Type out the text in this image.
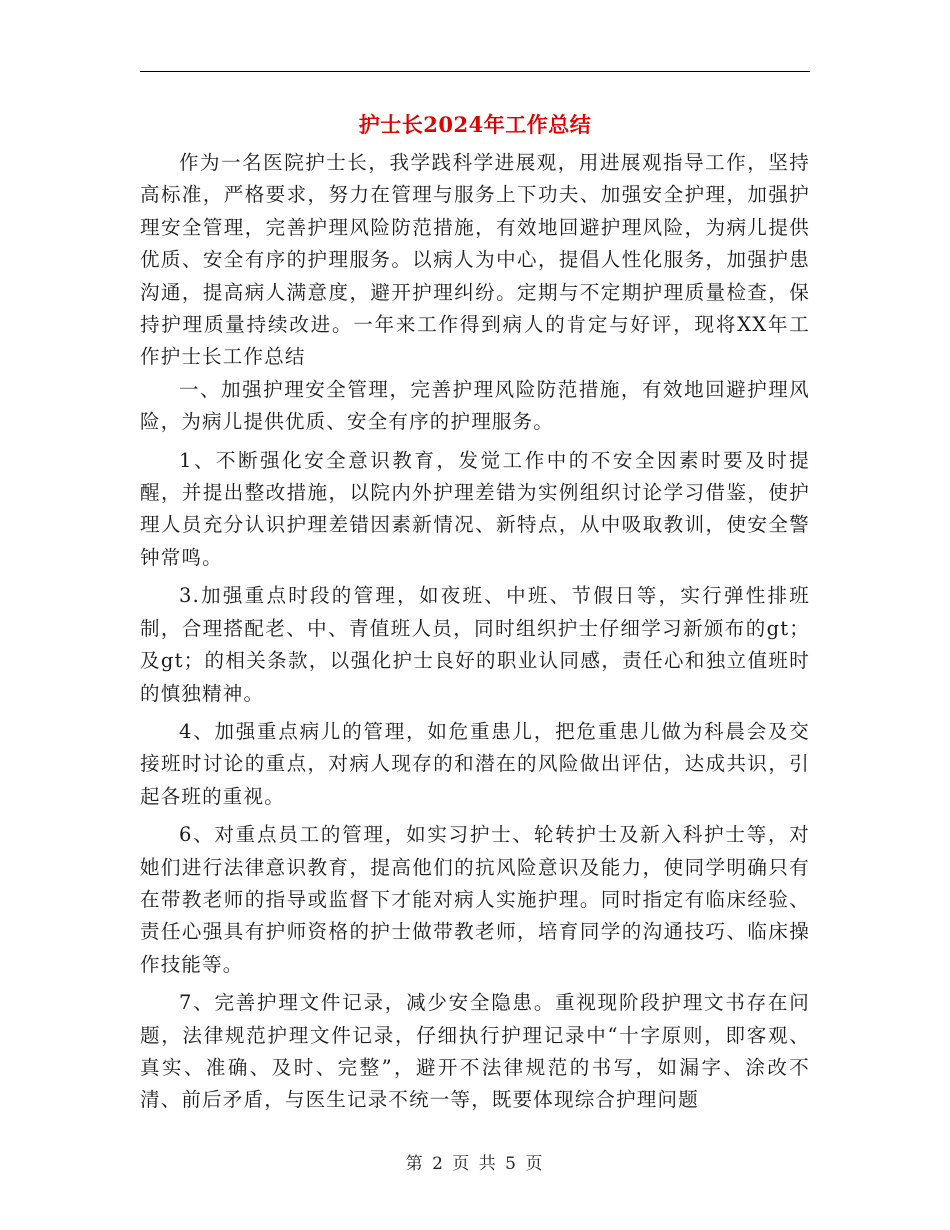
护士长2024年工作总结

作为一名医院护士长，我学践科学进展观，用进展观指导工作，坚持高标准，严格要求，努力在管理与服务上下功夫、加强安全护理，加强护理安全管理，完善护理风险防范措施，有效地回避护理风险，为病儿提供优质、安全有序的护理服务。以病人为中心，提倡人性化服务，加强护患沟通，提高病人满意度，避开护理纠纷。定期与不定期护理质量检查，保持护理质量持续改进。一年来工作得到病人的肯定与好评，现将XX年工作护士长工作总结

一、加强护理安全管理，完善护理风险防范措施，有效地回避护理风险，为病儿提供优质、安全有序的护理服务。

1、不断强化安全意识教育，发觉工作中的不安全因素时要及时提醒，并提出整改措施，以院内外护理差错为实例组织讨论学习借鉴，使护理人员充分认识护理差错因素新情况、新特点，从中吸取教训，使安全警钟常鸣。

3.加强重点时段的管理，如夜班、中班、节假日等，实行弹性排班制，合理搭配老、中、青值班人员，同时组织护士仔细学习新颁布的gt；及gt；的相关条款，以强化护士良好的职业认同感，责任心和独立值班时的慎独精神。

4、加强重点病儿的管理，如危重患儿，把危重患儿做为科晨会及交接班时讨论的重点，对病人现存的和潜在的风险做出评估，达成共识，引起各班的重视。

6、对重点员工的管理，如实习护士、轮转护士及新入科护士等，对她们进行法律意识教育，提高他们的抗风险意识及能力，使同学明确只有在带教老师的指导或监督下才能对病人实施护理。同时指定有临床经验、责任心强具有护师资格的护士做带教老师，培育同学的沟通技巧、临床操作技能等。

7、完善护理文件记录，减少安全隐患。重视现阶段护理文书存在问题，法律规范护理文件记录，仔细执行护理记录中“十字原则，即客观、真实、准确、及时、完整”，避开不法律规范的书写，如漏字、涂改不清、前后矛盾，与医生记录不统一等，既要体现综合护理问题

第 2 页 共 5 页
